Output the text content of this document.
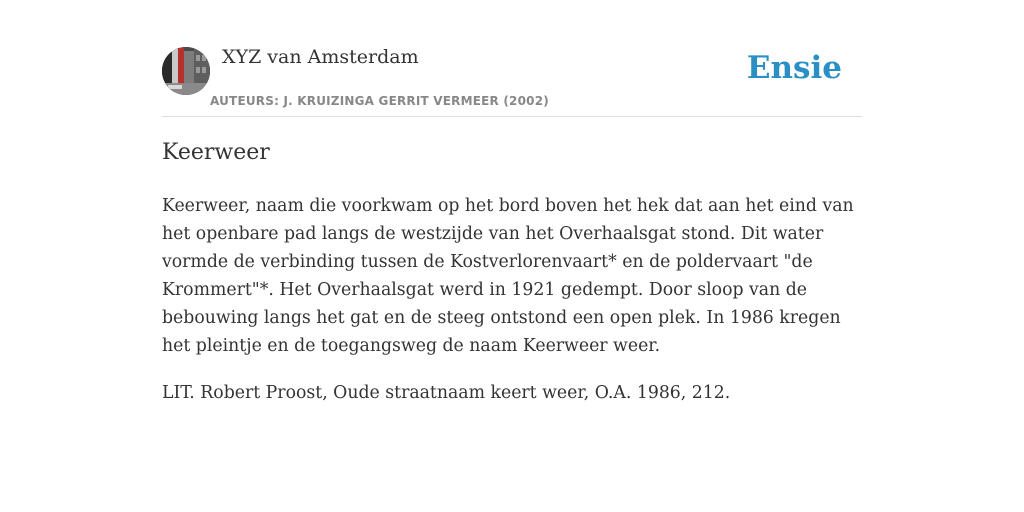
XYZ van Amsterdam
AUTEURS: J. KRUIZINGA GERRIT VERMEER (2002)
Ensie
Keerweer

Keerweer, naam die voorkwam op het bord boven het hek dat aan het eind van het openbare pad langs de westzijde van het Overhaalsgat stond. Dit water vormde de verbinding tussen de Kostverlorenvaart* en de poldervaart "de Krommert"*. Het Overhaalsgat werd in 1921 gedempt. Door sloop van de bebouwing langs het gat en de steeg ontstond een open plek. In 1986 kregen het pleintje en de toegangsweg de naam Keerweer weer.

LIT. Robert Proost, Oude straatnaam keert weer, O.A. 1986, 212.
